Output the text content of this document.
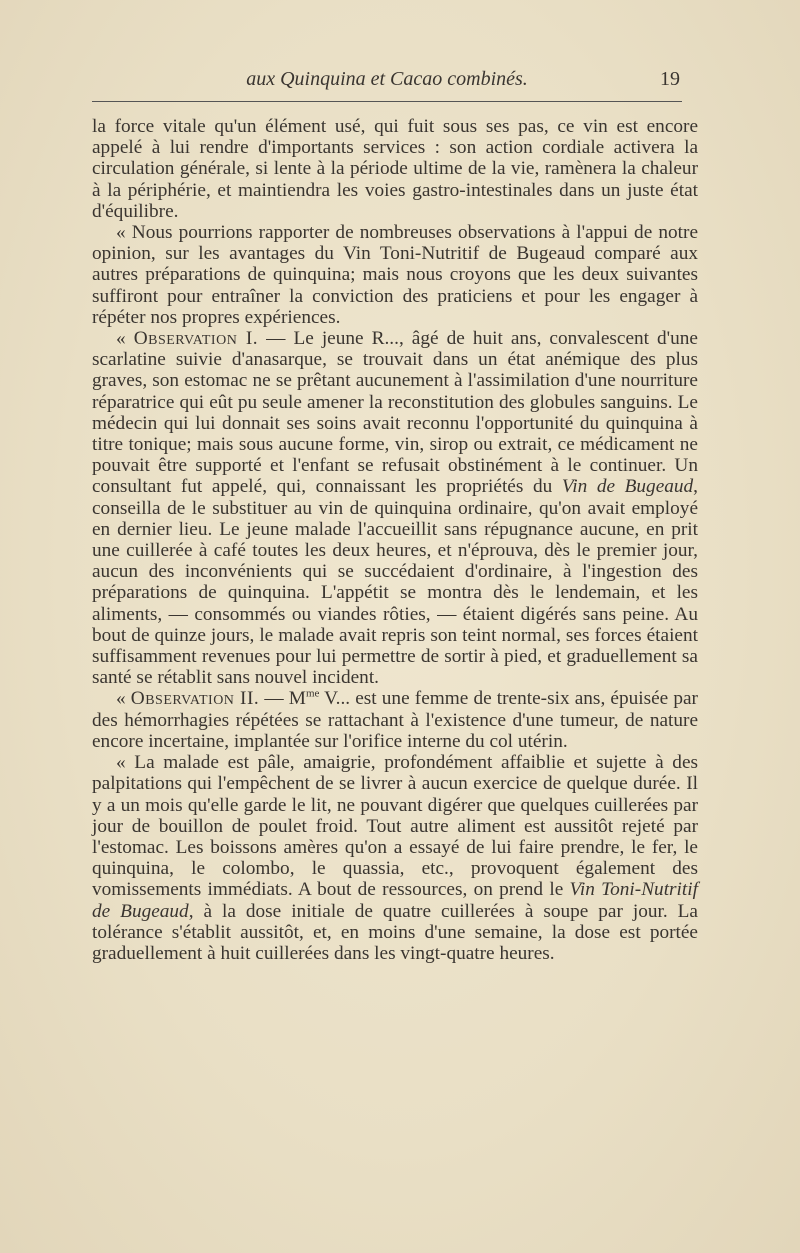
aux Quinquina et Cacao combinés.	19

la force vitale qu'un élément usé, qui fuit sous ses pas, ce vin est encore appelé à lui rendre d'importants services : son action cordiale activera la circulation générale, si lente à la période ultime de la vie, ramènera la chaleur à la périphérie, et maintiendra les voies gastro-intestinales dans un juste état d'équilibre.

« Nous pourrions rapporter de nombreuses observations à l'appui de notre opinion, sur les avantages du Vin Toni-Nutritif de Bugeaud comparé aux autres préparations de quinquina; mais nous croyons que les deux suivantes suffiront pour entraîner la conviction des praticiens et pour les engager à répéter nos propres expériences.

« Observation I. — Le jeune R..., âgé de huit ans, convalescent d'une scarlatine suivie d'anasarque, se trouvait dans un état anémique des plus graves, son estomac ne se prêtant aucunement à l'assimilation d'une nourriture réparatrice qui eût pu seule amener la reconstitution des globules sanguins. Le médecin qui lui donnait ses soins avait reconnu l'opportunité du quinquina à titre tonique; mais sous aucune forme, vin, sirop ou extrait, ce médicament ne pouvait être supporté et l'enfant se refusait obstinément à le continuer. Un consultant fut appelé, qui, connaissant les propriétés du Vin de Bugeaud, conseilla de le substituer au vin de quinquina ordinaire, qu'on avait employé en dernier lieu. Le jeune malade l'accueillit sans répugnance aucune, en prit une cuillerée à café toutes les deux heures, et n'éprouva, dès le premier jour, aucun des inconvénients qui se succédaient d'ordinaire, à l'ingestion des préparations de quinquina. L'appétit se montra dès le lendemain, et les aliments, — consommés ou viandes rôties, — étaient digérés sans peine. Au bout de quinze jours, le malade avait repris son teint normal, ses forces étaient suffisamment revenues pour lui permettre de sortir à pied, et graduellement sa santé se rétablit sans nouvel incident.

« Observation II. — $M^{me}$ V... est une femme de trente-six ans, épuisée par des hémorrhagies répétées se rattachant à l'existence d'une tumeur, de nature encore incertaine, implantée sur l'orifice interne du col utérin.

« La malade est pâle, amaigrie, profondément affaiblie et sujette à des palpitations qui l'empêchent de se livrer à aucun exercice de quelque durée. Il y a un mois qu'elle garde le lit, ne pouvant digérer que quelques cuillerées par jour de bouillon de poulet froid. Tout autre aliment est aussitôt rejeté par l'estomac. Les boissons amères qu'on a essayé de lui faire prendre, le fer, le quinquina, le colombo, le quassia, etc., provoquent également des vomissements immédiats. A bout de ressources, on prend le Vin Toni-Nutritif de Bugeaud, à la dose initiale de quatre cuillerées à soupe par jour. La tolérance s'établit aussitôt, et, en moins d'une semaine, la dose est portée graduellement à huit cuillerées dans les vingt-quatre heures.
